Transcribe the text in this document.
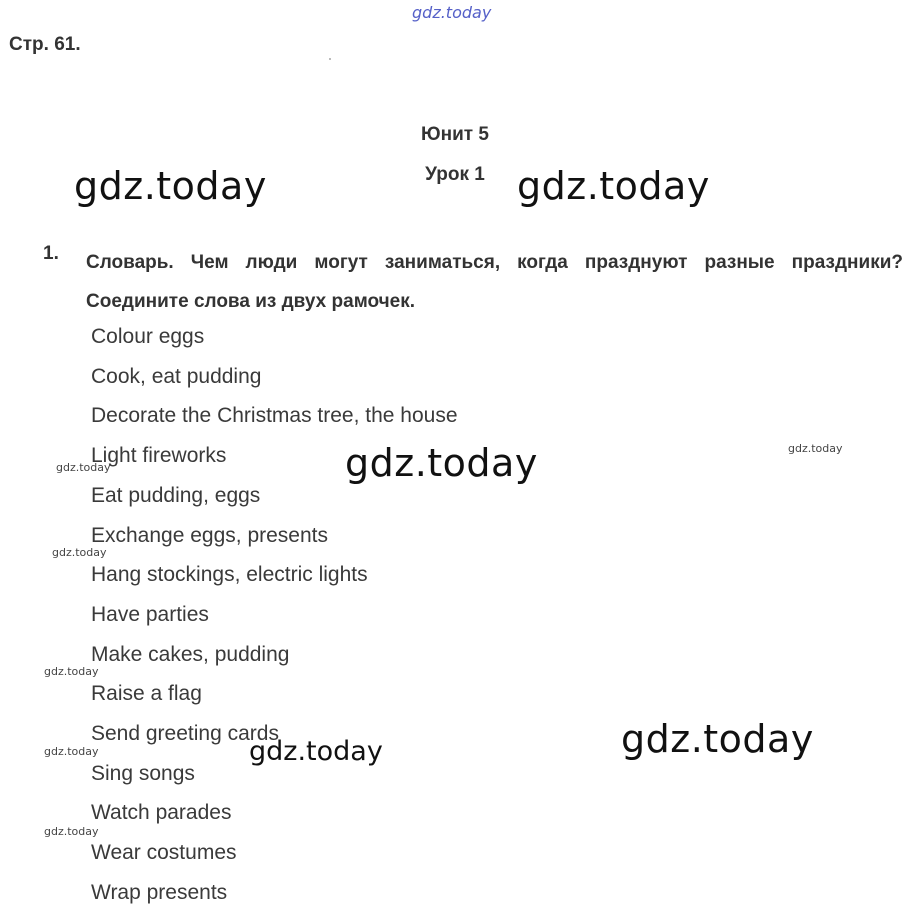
gdz.today
Стр. 61.
Юнит 5
Урок 1
gdz.today	gdz.today
1. Словарь. Чем люди могут заниматься, когда празднуют разные праздники? Соедините слова из двух рамочек.
Colour eggs
Cook, eat pudding
Decorate the Christmas tree, the house
Light fireworks
Eat pudding, eggs
Exchange eggs, presents
Hang stockings, electric lights
Have parties
Make cakes, pudding
Raise a flag
Send greeting cards
Sing songs
Watch parades
Wear costumes
Wrap presents
gdz.today	gdz.today
gdz.today
gdz.today
gdz.today
gdz.today
gdz.today
gdz.today	gdz.today
